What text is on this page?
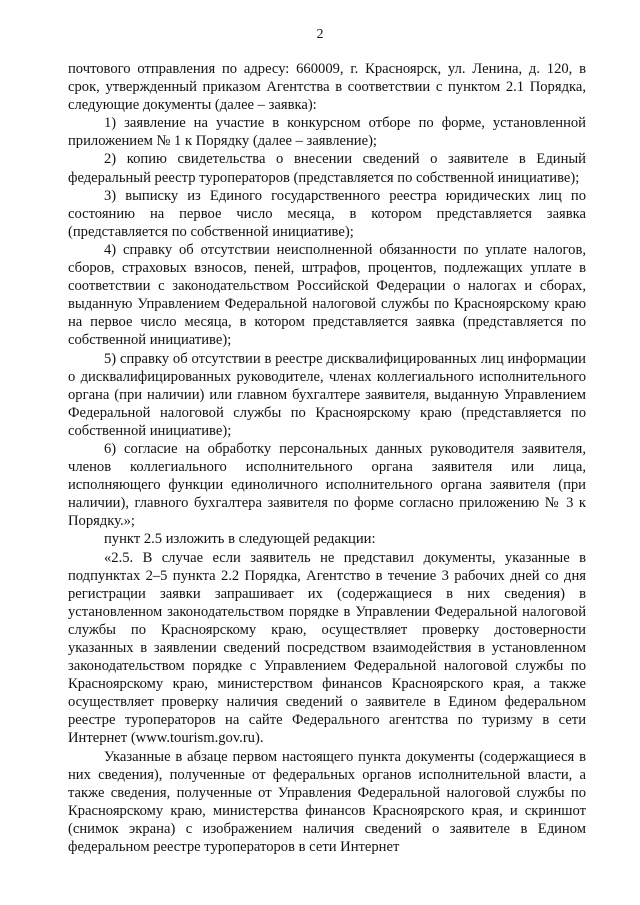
2

почтового отправления по адресу: 660009, г. Красноярск, ул. Ленина, д. 120, в срок, утвержденный приказом Агентства в соответствии с пунктом 2.1 Порядка, следующие документы (далее – заявка):

1) заявление на участие в конкурсном отборе по форме, установленной приложением № 1 к Порядку (далее – заявление);

2) копию свидетельства о внесении сведений о заявителе в Единый федеральный реестр туроператоров (представляется по собственной инициативе);

3) выписку из Единого государственного реестра юридических лиц по состоянию на первое число месяца, в котором представляется заявка (представляется по собственной инициативе);

4) справку об отсутствии неисполненной обязанности по уплате налогов, сборов, страховых взносов, пеней, штрафов, процентов, подлежащих уплате в соответствии с законодательством Российской Федерации о налогах и сборах, выданную Управлением Федеральной налоговой службы по Красноярскому краю на первое число месяца, в котором представляется заявка (представляется по собственной инициативе);

5) справку об отсутствии в реестре дисквалифицированных лиц информации о дисквалифицированных руководителе, членах коллегиального исполнительного органа (при наличии) или главном бухгалтере заявителя, выданную Управлением Федеральной налоговой службы по Красноярскому краю (представляется по собственной инициативе);

6) согласие на обработку персональных данных руководителя заявителя, членов коллегиального исполнительного органа заявителя или лица, исполняющего функции единоличного исполнительного органа заявителя (при наличии), главного бухгалтера заявителя по форме согласно приложению № 3 к Порядку.»;

пункт 2.5 изложить в следующей редакции:

«2.5. В случае если заявитель не представил документы, указанные в подпунктах 2–5 пункта 2.2 Порядка, Агентство в течение 3 рабочих дней со дня регистрации заявки запрашивает их (содержащиеся в них сведения) в установленном законодательством порядке в Управлении Федеральной налоговой службы по Красноярскому краю, осуществляет проверку достоверности указанных в заявлении сведений посредством взаимодействия в установленном законодательством порядке с Управлением Федеральной налоговой службы по Красноярскому краю, министерством финансов Красноярского края, а также осуществляет проверку наличия сведений о заявителе в Едином федеральном реестре туроператоров на сайте Федерального агентства по туризму в сети Интернет (www.tourism.gov.ru).

Указанные в абзаце первом настоящего пункта документы (содержащиеся в них сведения), полученные от федеральных органов исполнительной власти, а также сведения, полученные от Управления Федеральной налоговой службы по Красноярскому краю, министерства финансов Красноярского края, и скриншот (снимок экрана) с изображением наличия сведений о заявителе в Едином федеральном реестре туроператоров в сети Интернет
